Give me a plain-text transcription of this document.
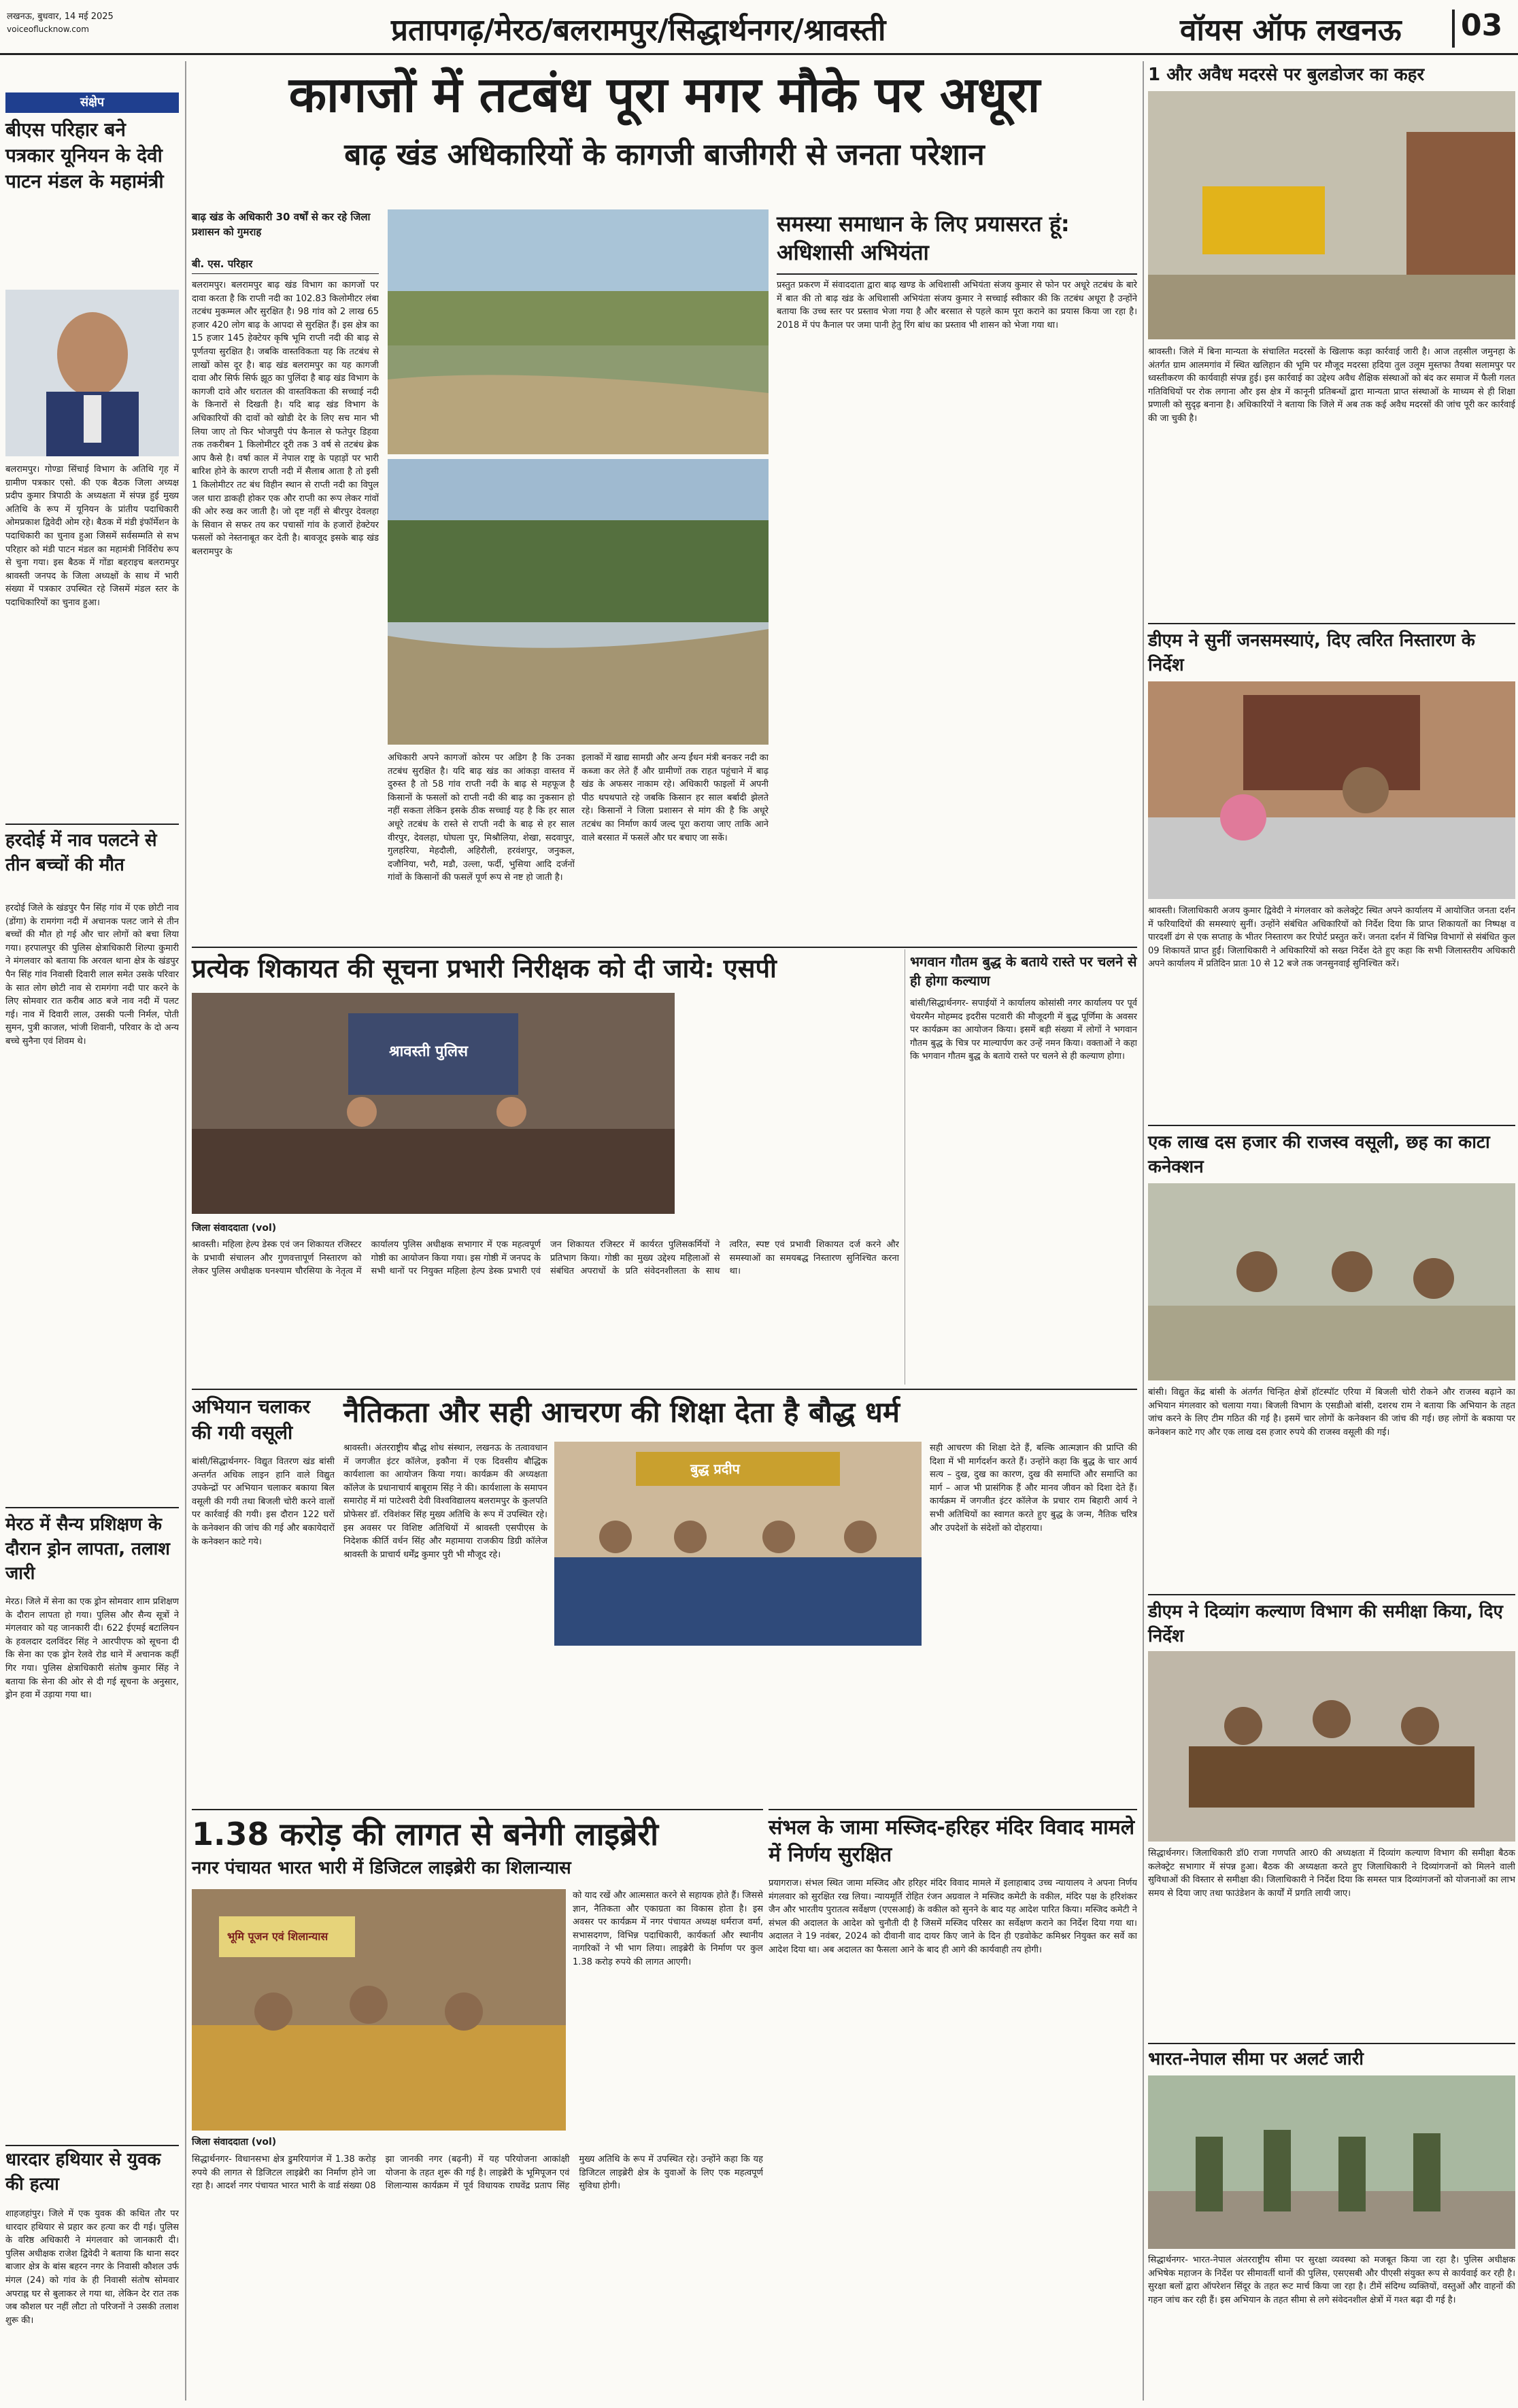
लखनऊ, बुधवार, 14 मई 2025
voiceoflucknow.com	प्रतापगढ़/मेरठ/बलरामपुर/सिद्धार्थनगर/श्रावस्ती	वॉयस ऑफ लखनऊ 03
संक्षेप
बीएस परिहार बने पत्रकार यूनियन के देवी पाटन मंडल के महामंत्री
बलरामपुर। गोण्डा सिंचाई विभाग के अतिथि गृह में ग्रामीण पत्रकार एसो. की एक बैठक जिला अध्यक्ष प्रदीप कुमार त्रिपाठी के अध्यक्षता में संपन्न हुई मुख्य अतिथि के रूप में यूनियन के प्रांतीय पदाधिकारी ओमप्रकाश द्विवेदी ओम रहे। बैठक में मंडी इंफॉर्मेशन के पदाधिकारी का चुनाव हुआ जिसमें सर्वसम्मति से सभ परिहार को मंडी पाटन मंडल का महामंत्री निर्विरोध रूप से चुना गया। इस बैठक में गोंडा बहराइच बलरामपुर श्रावस्ती जनपद के जिला अध्यक्षों के साथ में भारी संख्या में पत्रकार उपस्थित रहे जिसमें मंडल स्तर के पदाधिकारियों का चुनाव हुआ।
हरदोई में नाव पलटने से तीन बच्चों की मौत
हरदोई जिले के खंडपुर पैन सिंह गांव में एक छोटी नाव (डोंगा) के रामगंगा नदी में अचानक पलट जाने से तीन बच्चों की मौत हो गई और चार लोगों को बचा लिया गया। हरपालपुर की पुलिस क्षेत्राधिकारी शिल्पा कुमारी ने मंगलवार को बताया कि अरवल थाना क्षेत्र के खंडपुर पैन सिंह गांव निवासी दिवारी लाल समेत उसके परिवार के सात लोग छोटी नाव से रामगंगा नदी पार करने के लिए सोमवार रात करीब आठ बजे नाव नदी में पलट गई। नाव में दिवारी लाल, उसकी पत्नी निर्मल, पोती सुमन, पुत्री काजल, भांजी शिवानी, परिवार के दो अन्य बच्चे सुनैना एवं शिवम थे।
मेरठ में सैन्य प्रशिक्षण के दौरान ड्रोन लापता, तलाश जारी
मेरठ। जिले में सेना का एक ड्रोन सोमवार शाम प्रशिक्षण के दौरान लापता हो गया। पुलिस और सैन्य सूत्रों ने मंगलवार को यह जानकारी दी। 622 ईएमई बटालियन के हवलदार दलविंदर सिंह ने आरपीएफ को सूचना दी कि सेना का एक ड्रोन रेलवे रोड थाने में अचानक कहीं गिर गया। पुलिस क्षेत्राधिकारी संतोष कुमार सिंह ने बताया कि सेना की ओर से दी गई सूचना के अनुसार, ड्रोन हवा में उड़ाया गया था।
धारदार हथियार से युवक की हत्या
शाहजहांपुर। जिले में एक युवक की कथित तौर पर धारदार हथियार से प्रहार कर हत्या कर दी गई। पुलिस के वरिष्ठ अधिकारी ने मंगलवार को जानकारी दी। पुलिस अधीक्षक राजेश द्विवेदी ने बताया कि थाना सदर बाजार क्षेत्र के बांस बहरन नगर के निवासी कौशल उर्फ मंगल (24) को गांव के ही निवासी संतोष सोमवार अपराह्न घर से बुलाकर ले गया था, लेकिन देर रात तक जब कौशल घर नहीं लौटा तो परिजनों ने उसकी तलाश शुरू की।
कागजों में तटबंध पूरा मगर मौके पर अधूरा
बाढ़ खंड अधिकारियों के कागजी बाजीगरी से जनता परेशान
बाढ़ खंड के अधिकारी 30 वर्षों से कर रहे जिला प्रशासन को गुमराह
बी. एस. परिहार
बलरामपुर। बलरामपुर बाढ़ खंड विभाग का कागजों पर दावा करता है कि राप्ती नदी का 102.83 किलोमीटर लंबा तटबंध मुकम्मल और सुरक्षित है। 98 गांव को 2 लाख 65 हजार 420 लोग बाढ़ के आपदा से सुरक्षित हैं। इस क्षेत्र का 15 हजार 145 हेक्टेयर कृषि भूमि राप्ती नदी की बाढ़ से पूर्णतया सुरक्षित है। जबकि वास्तविकता यह कि तटबंध से लाखों कोस दूर है। बाढ़ खंड बलरामपुर का यह कागजी दावा और सिर्फ सिर्फ झूठ का पुलिंदा है बाढ़ खंड विभाग के कागजी दावे और धरातल की वास्तविकता की सच्चाई नदी के किनारों से दिखती है। यदि बाढ़ खंड विभाग के अधिकारियों की दावों को खोडी देर के लिए सच मान भी लिया जाए तो फिर भोजपुरी पंप कैनाल से फतेपुर डिहवा तक तकरीबन 1 किलोमीटर दूरी तक 3 वर्ष से तटबंध ब्रेक आप कैसे है। वर्षा काल में नेपाल राष्ट्र के पहाड़ों पर भारी बारिश होने के कारण राप्ती नदी में सैलाब आता है तो इसी 1 किलोमीटर तट बंध विहीन स्थान से राप्ती नदी का विपुल जल धारा डाकही होकर एक और राप्ती का रूप लेकर गांवों की ओर रुख कर जाती है। जो दृष्ट नहीं से बीरपुर देवलहा के सिवान से सफर तय कर पचासों गांव के हजारों हेक्टेयर फसलों को नेस्तनाबूत कर देती है। बावजूद इसके बाढ़ खंड बलरामपुर के
अधिकारी अपने कागजों कोरम पर अडिग है कि उनका तटबंध सुरक्षित है। यदि बाढ़ खंड का आंकड़ा वास्तव में दुरुस्त है तो 58 गांव राप्ती नदी के बाढ़ से महफूज है किसानों के फसलों को राप्ती नदी की बाढ़ का नुकसान हो नहीं सकता लेकिन इसके ठीक सच्चाई यह है कि हर साल अधूरे तटबंध के रास्ते से राप्ती नदी के बाढ़ से हर साल वीरपुर, देवलहा, घोघला पुर, मिश्रौलिया, शेखा, सदवापुर, गुलहरिया, मेहदौली, अहिरौली, हरवंशपुर, जनुकल, दजौनिया, भरौ, मडौ, उल्ला, फर्दी, भुसिया आदि दर्जनों गांवों के किसानों की फसलें पूर्ण रूप से नष्ट हो जाती है।
इलाकों में खाद्य सामग्री और अन्य ईंधन मंत्री बनकर नदी का कब्जा कर लेते हैं और ग्रामीणों तक राहत पहुंचाने में बाढ़ खंड के अफसर नाकाम रहे। अधिकारी फाइलों में अपनी पीठ थपथपाते रहे जबकि किसान हर साल बर्बादी झेलते रहे। किसानों ने जिला प्रशासन से मांग की है कि अधूरे तटबंध का निर्माण कार्य जल्द पूरा कराया जाए ताकि आने वाले बरसात में फसलें और घर बचाए जा सकें।
समस्या समाधान के लिए प्रयासरत हूं: अधिशासी अभियंता
प्रस्तुत प्रकरण में संवाददाता द्वारा बाढ़ खण्ड के अधिशासी अभियंता संजय कुमार से फोन पर अधूरे तटबंध के बारे में बात की तो बाढ़ खंड के अधिशासी अभियंता संजय कुमार ने सच्चाई स्वीकार की कि तटबंध अधूरा है उन्होंने बताया कि उच्च स्तर पर प्रस्ताव भेजा गया है और बरसात से पहले काम पूरा कराने का प्रयास किया जा रहा है। 2018 में पंप कैनाल पर जमा पानी हेतु रिंग बांध का प्रस्ताव भी शासन को भेजा गया था।
प्रत्येक शिकायत की सूचना प्रभारी निरीक्षक को दी जाये: एसपी
श्रावस्ती पुलिस
जिला संवाददाता (vol)
श्रावस्ती। महिला हेल्प डेस्क एवं जन शिकायत रजिस्टर के प्रभावी संचालन और गुणवत्तापूर्ण निस्तारण को लेकर पुलिस अधीक्षक घनश्याम चौरसिया के नेतृत्व में कार्यालय पुलिस अधीक्षक सभागार में एक महत्वपूर्ण गोष्ठी का आयोजन किया गया। इस गोष्ठी में जनपद के सभी थानों पर नियुक्त महिला हेल्प डेस्क प्रभारी एवं जन शिकायत रजिस्टर में कार्यरत पुलिसकर्मियों ने प्रतिभाग किया। गोष्ठी का मुख्य उद्देश्य महिलाओं से संबंधित अपराधों के प्रति संवेदनशीलता के साथ त्वरित, स्पष्ट एवं प्रभावी शिकायत दर्ज करने और समस्याओं का समयबद्ध निस्तारण सुनिश्चित करना था।
भगवान गौतम बुद्ध के बताये रास्ते पर चलने से ही होगा कल्याण
बांसी/सिद्धार्थनगर- सपाईयों ने कार्यालय कोसांसी नगर कार्यालय पर पूर्व चेयरमैन मोहम्मद इदरीस पटवारी की मौजूदगी में बुद्ध पूर्णिमा के अवसर पर कार्यक्रम का आयोजन किया। इसमें बड़ी संख्या में लोगों ने भगवान गौतम बुद्ध के चित्र पर माल्यार्पण कर उन्हें नमन किया। वक्ताओं ने कहा कि भगवान गौतम बुद्ध के बताये रास्ते पर चलने से ही कल्याण होगा।
अभियान चलाकर की गयी वसूली
बांसी/सिद्धार्थनगर- विद्युत वितरण खंड बांसी अन्तर्गत अधिक लाइन हानि वाले विद्युत उपकेन्द्रों पर अभियान चलाकर बकाया बिल वसूली की गयी तथा बिजली चोरी करने वालों पर कार्रवाई की गयी। इस दौरान 122 घरों के कनेक्शन की जांच की गई और बकायेदारों के कनेक्शन काटे गये।
नैतिकता और सही आचरण की शिक्षा देता है बौद्ध धर्म
श्रावस्ती। अंतरराष्ट्रीय बौद्ध शोध संस्थान, लखनऊ के तत्वावधान में जगजीत इंटर कॉलेज, इकौना में एक दिवसीय बौद्धिक कार्यशाला का आयोजन किया गया। कार्यक्रम की अध्यक्षता कॉलेज के प्रधानाचार्य बाबूराम सिंह ने की। कार्यशाला के समापन समारोह में मां पाटेश्वरी देवी विश्वविद्यालय बलरामपुर के कुलपति प्रोफेसर डॉ. रविशंकर सिंह मुख्य अतिथि के रूप में उपस्थित रहे। इस अवसर पर विशिष्ट अतिथियों में श्रावस्ती एसपीएस के निदेशक कीर्ति वर्धन सिंह और महामाया राजकीय डिग्री कॉलेज श्रावस्ती के प्राचार्य धर्मेंद्र कुमार पुरी भी मौजूद रहे।
बुद्ध प्रदीप
सही आचरण की शिक्षा देते हैं, बल्कि आत्मज्ञान की प्राप्ति की दिशा में भी मार्गदर्शन करते हैं। उन्होंने कहा कि बुद्ध के चार आर्य सत्य – दुख, दुख का कारण, दुख की समाप्ति और समाप्ति का मार्ग – आज भी प्रासंगिक हैं और मानव जीवन को दिशा देते हैं। कार्यक्रम में जगजीत इंटर कॉलेज के प्रचार राम बिहारी आर्य ने सभी अतिथियों का स्वागत करते हुए बुद्ध के जन्म, नैतिक चरित्र और उपदेशों के संदेशों को दोहराया।
1.38 करोड़ की लागत से बनेगी लाइब्रेरी
नगर पंचायत भारत भारी में डिजिटल लाइब्रेरी का शिलान्यास
भूमि पूजन एवं शिलान्यास
जिला संवाददाता (vol)
सिद्धार्थनगर- विधानसभा क्षेत्र डुमरियागंज में 1.38 करोड़ रुपये की लागत से डिजिटल लाइब्रेरी का निर्माण होने जा रहा है। आदर्श नगर पंचायत भारत भारी के वार्ड संख्या 08 झा जानकी नगर (बढ़नी) में यह परियोजना आकांक्षी योजना के तहत शुरू की गई है। लाइब्रेरी के भूमिपूजन एवं शिलान्यास कार्यक्रम में पूर्व विधायक राघवेंद्र प्रताप सिंह मुख्य अतिथि के रूप में उपस्थित रहे। उन्होंने कहा कि यह डिजिटल लाइब्रेरी क्षेत्र के युवाओं के लिए एक महत्वपूर्ण सुविधा होगी।
को याद रखें और आत्मसात करने से सहायक होते हैं। जिससे ज्ञान, नैतिकता और एकाग्रता का विकास होता है। इस अवसर पर कार्यक्रम में नगर पंचायत अध्यक्ष धर्मराज वर्मा, सभासदगण, विभिन्न पदाधिकारी, कार्यकर्ता और स्थानीय नागरिकों ने भी भाग लिया। लाइब्रेरी के निर्माण पर कुल 1.38 करोड़ रुपये की लागत आएगी।
संभल के जामा मस्जिद-हरिहर मंदिर विवाद मामले में निर्णय सुरक्षित
प्रयागराज। संभल स्थित जामा मस्जिद और हरिहर मंदिर विवाद मामले में इलाहाबाद उच्च न्यायालय ने अपना निर्णय मंगलवार को सुरक्षित रख लिया। न्यायमूर्ति रोहित रंजन अग्रवाल ने मस्जिद कमेटी के वकील, मंदिर पक्ष के हरिशंकर जैन और भारतीय पुरातत्व सर्वेक्षण (एएसआई) के वकील को सुनने के बाद यह आदेश पारित किया। मस्जिद कमेटी ने संभल की अदालत के आदेश को चुनौती दी है जिसमें मस्जिद परिसर का सर्वेक्षण कराने का निर्देश दिया गया था। अदालत ने 19 नवंबर, 2024 को दीवानी वाद दायर किए जाने के दिन ही एडवोकेट कमिश्नर नियुक्त कर सर्वे का आदेश दिया था। अब अदालत का फैसला आने के बाद ही आगे की कार्यवाही तय होगी।
1 और अवैध मदरसे पर बुलडोजर का कहर
श्रावस्ती। जिले में बिना मान्यता के संचालित मदरसों के खिलाफ कड़ा कार्रवाई जारी है। आज तहसील जमुनहा के अंतर्गत ग्राम आलमगांव में स्थित खलिहान की भूमि पर मौजूद मदरसा हदिया तुल उलूम मुस्तफा तैयबा सलामपुर पर ध्वस्तीकरण की कार्यवाही संपन्न हुई। इस कार्रवाई का उद्देश्य अवैध शैक्षिक संस्थाओं को बंद कर समाज में फैली गलत गतिविधियों पर रोक लगाना और इस क्षेत्र में कानूनी प्रतिबन्धों द्वारा मान्यता प्राप्त संस्थाओं के माध्यम से ही शिक्षा प्रणाली को सुदृढ़ बनाना है। अधिकारियों ने बताया कि जिले में अब तक कई अवैध मदरसों की जांच पूरी कर कार्रवाई की जा चुकी है।
डीएम ने सुनीं जनसमस्याएं, दिए त्वरित निस्तारण के निर्देश
श्रावस्ती। जिलाधिकारी अजय कुमार द्विवेदी ने मंगलवार को कलेक्ट्रेट स्थित अपने कार्यालय में आयोजित जनता दर्शन में फरियादियों की समस्याएं सुनीं। उन्होंने संबंधित अधिकारियों को निर्देश दिया कि प्राप्त शिकायतों का निष्पक्ष व पारदर्शी ढंग से एक सप्ताह के भीतर निस्तारण कर रिपोर्ट प्रस्तुत करें। जनता दर्शन में विभिन्न विभागों से संबंधित कुल 09 शिकायतें प्राप्त हुईं। जिलाधिकारी ने अधिकारियों को सख्त निर्देश देते हुए कहा कि सभी जिलास्तरीय अधिकारी अपने कार्यालय में प्रतिदिन प्रातः 10 से 12 बजे तक जनसुनवाई सुनिश्चित करें।
एक लाख दस हजार की राजस्व वसूली, छह का काटा कनेक्शन
बांसी। विद्युत केंद्र बांसी के अंतर्गत चिन्हित क्षेत्रों हॉटस्पॉट एरिया में बिजली चोरी रोकने और राजस्व बढ़ाने का अभियान मंगलवार को चलाया गया। बिजली विभाग के एसडीओ बांसी, दशरथ राम ने बताया कि अभियान के तहत जांच करने के लिए टीम गठित की गई है। इसमें चार लोगों के कनेक्शन की जांच की गई। छह लोगों के बकाया पर कनेक्शन काटे गए और एक लाख दस हजार रुपये की राजस्व वसूली की गई।
डीएम ने दिव्यांग कल्याण विभाग की समीक्षा किया, दिए निर्देश
सिद्धार्थनगर। जिलाधिकारी डॉ0 राजा गणपति आर0 की अध्यक्षता में दिव्यांग कल्याण विभाग की समीक्षा बैठक कलेक्ट्रेट सभागार में संपन्न हुआ। बैठक की अध्यक्षता करते हुए जिलाधिकारी ने दिव्यांगजनों को मिलने वाली सुविधाओं की विस्तार से समीक्षा की। जिलाधिकारी ने निर्देश दिया कि समस्त पात्र दिव्यांगजनों को योजनाओं का लाभ समय से दिया जाए तथा फाउंडेशन के कार्यों में प्रगति लायी जाए।
भारत-नेपाल सीमा पर अलर्ट जारी
सिद्धार्थनगर- भारत-नेपाल अंतरराष्ट्रीय सीमा पर सुरक्षा व्यवस्था को मजबूत किया जा रहा है। पुलिस अधीक्षक अभिषेक महाजन के निर्देश पर सीमावर्ती थानों की पुलिस, एसएसबी और पीएसी संयुक्त रूप से कार्यवाई कर रही है। सुरक्षा बलों द्वारा ऑपरेशन सिंदूर के तहत रूट मार्च किया जा रहा है। टीमें संदिग्ध व्यक्तियों, वस्तुओं और वाहनों की गहन जांच कर रही हैं। इस अभियान के तहत सीमा से लगे संवेदनशील क्षेत्रों में गश्त बढ़ा दी गई है।
